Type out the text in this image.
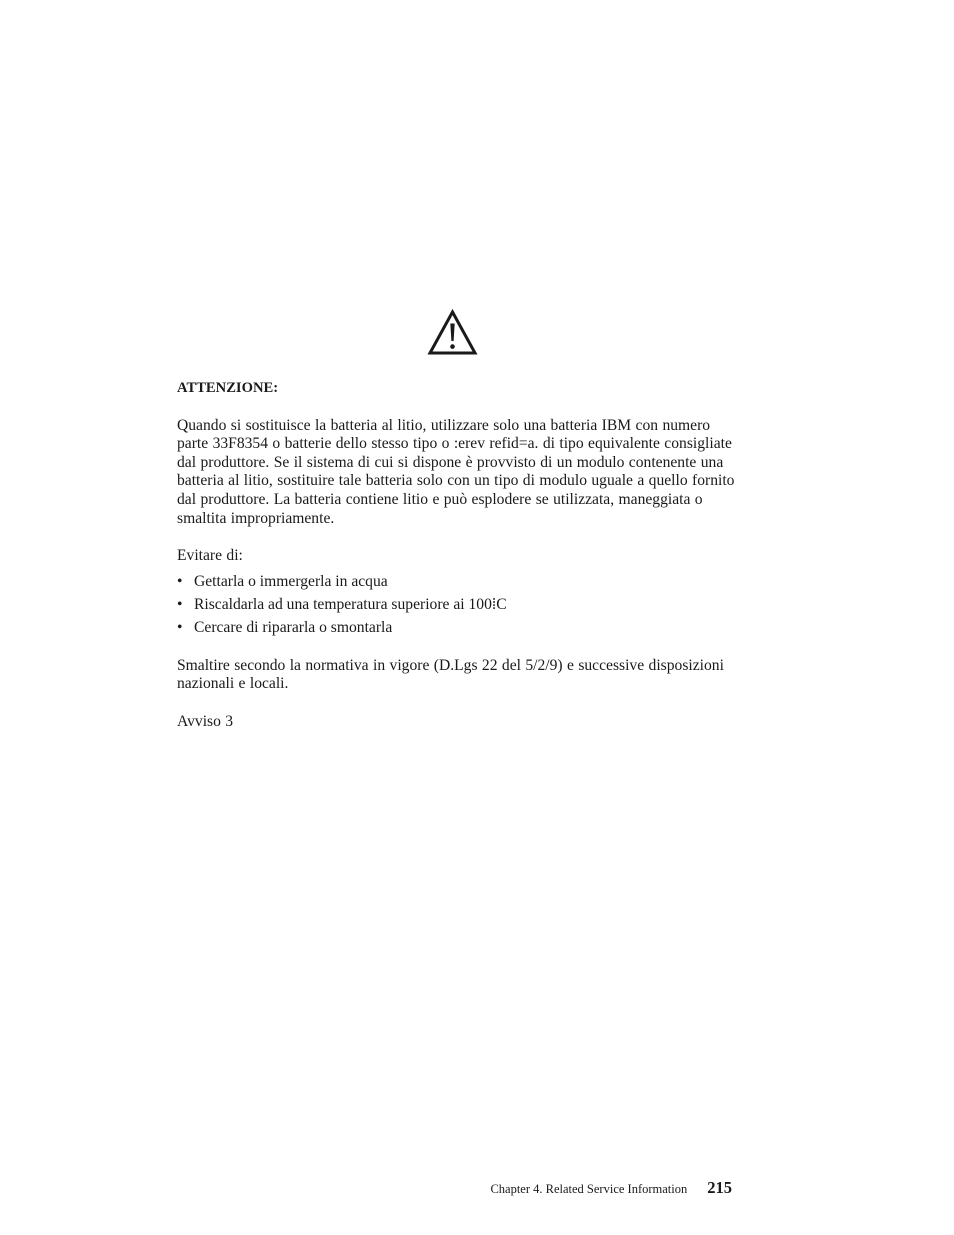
ATTENZIONE:

Quando si sostituisce la batteria al litio, utilizzare solo una batteria IBM con numero parte 33F8354 o batterie dello stesso tipo o :erev refid=a. di tipo equivalente consigliate dal produttore. Se il sistema di cui si dispone è provvisto di un modulo contenente una batteria al litio, sostituire tale batteria solo con un tipo di modulo uguale a quello fornito dal produttore. La batteria contiene litio e può esplodere se utilizzata, maneggiata o smaltita impropriamente.

Evitare di:

• Gettarla o immergerla in acqua
• Riscaldarla ad una temperatura superiore ai 100⁞C
• Cercare di ripararla o smontarla

Smaltire secondo la normativa in vigore (D.Lgs 22 del 5/2/9) e successive disposizioni nazionali e locali.

Avviso 3

Chapter 4. Related Service Information 215
